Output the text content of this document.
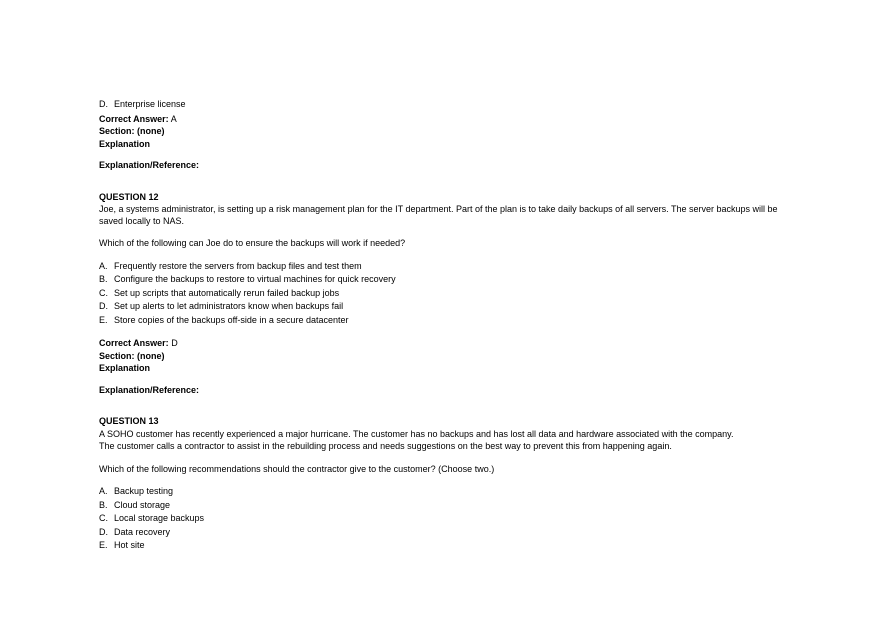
D. Enterprise license
Correct Answer: A
Section: (none)
Explanation
Explanation/Reference:
QUESTION 12
Joe, a systems administrator, is setting up a risk management plan for the IT department. Part of the plan is to take daily backups of all servers. The server backups will be saved locally to NAS.
Which of the following can Joe do to ensure the backups will work if needed?
A. Frequently restore the servers from backup files and test them
B. Configure the backups to restore to virtual machines for quick recovery
C. Set up scripts that automatically rerun failed backup jobs
D. Set up alerts to let administrators know when backups fail
E. Store copies of the backups off-side in a secure datacenter
Correct Answer: D
Section: (none)
Explanation
Explanation/Reference:
QUESTION 13
A SOHO customer has recently experienced a major hurricane. The customer has no backups and has lost all data and hardware associated with the company.
The customer calls a contractor to assist in the rebuilding process and needs suggestions on the best way to prevent this from happening again.
Which of the following recommendations should the contractor give to the customer? (Choose two.)
A. Backup testing
B. Cloud storage
C. Local storage backups
D. Data recovery
E. Hot site
